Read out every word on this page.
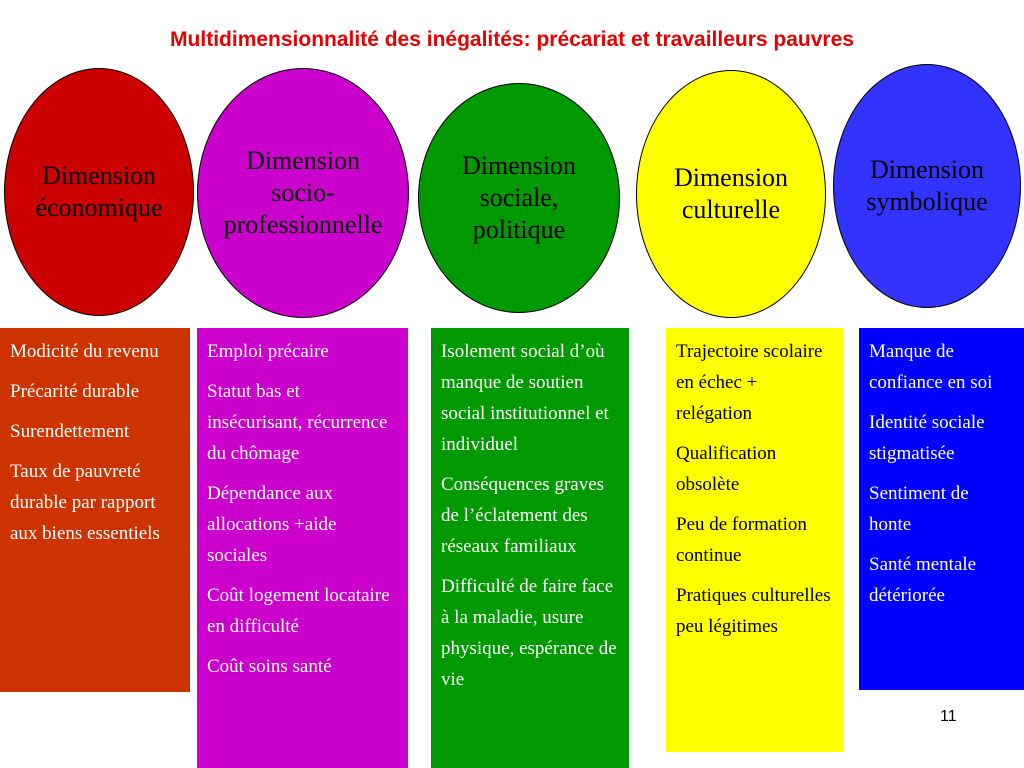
Multidimensionnalité des inégalités: précariat et travailleurs pauvres
Dimension
économique
Dimension
socio-
professionnelle
Dimension
sociale,
politique
Dimension
culturelle
Dimension
symbolique

Modicité du revenu

Précarité durable

Surendettement

Taux de pauvreté durable par rapport aux biens essentiels

Emploi précaire

Statut bas et insécurisant, récurrence du chômage

Dépendance aux allocations +aide sociales

Coût logement locataire en difficulté

Coût soins santé

Isolement social d’où manque de soutien social institutionnel et individuel

Conséquences graves de l’éclatement des réseaux familiaux

Difficulté de faire face à la maladie, usure physique, espérance de vie

Trajectoire scolaire en échec + relégation

Qualification obsolète

Peu de formation continue

Pratiques culturelles peu légitimes

Manque de confiance en soi

Identité sociale stigmatisée

Sentiment de honte

Santé mentale détériorée

11
